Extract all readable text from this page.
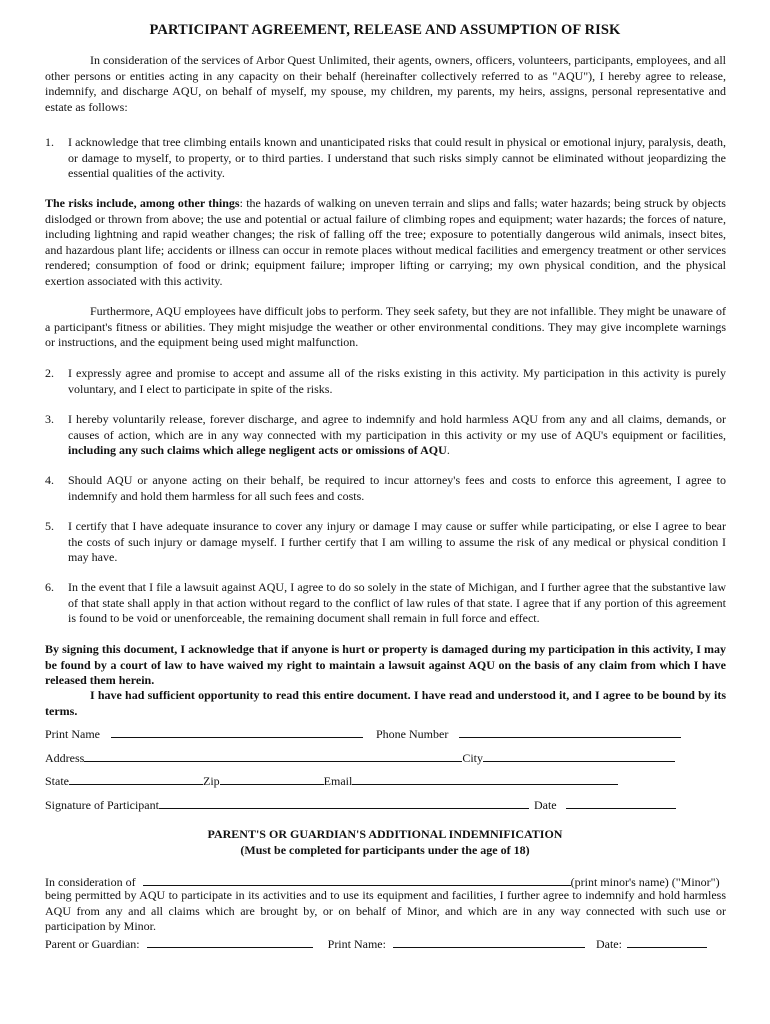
PARTICIPANT AGREEMENT, RELEASE AND ASSUMPTION OF RISK
In consideration of the services of Arbor Quest Unlimited, their agents, owners, officers, volunteers, participants, employees, and all other persons or entities acting in any capacity on their behalf (hereinafter collectively referred to as "AQU"), I hereby agree to release, indemnify, and discharge AQU, on behalf of myself, my spouse, my children, my parents, my heirs, assigns, personal representative and estate as follows:
1. I acknowledge that tree climbing entails known and unanticipated risks that could result in physical or emotional injury, paralysis, death, or damage to myself, to property, or to third parties. I understand that such risks simply cannot be eliminated without jeopardizing the essential qualities of the activity.
The risks include, among other things: the hazards of walking on uneven terrain and slips and falls; water hazards; being struck by objects dislodged or thrown from above; the use and potential or actual failure of climbing ropes and equipment; water hazards; the forces of nature, including lightning and rapid weather changes; the risk of falling off the tree; exposure to potentially dangerous wild animals, insect bites, and hazardous plant life; accidents or illness can occur in remote places without medical facilities and emergency treatment or other services rendered; consumption of food or drink; equipment failure; improper lifting or carrying; my own physical condition, and the physical exertion associated with this activity.
Furthermore, AQU employees have difficult jobs to perform. They seek safety, but they are not infallible. They might be unaware of a participant's fitness or abilities. They might misjudge the weather or other environmental conditions. They may give incomplete warnings or instructions, and the equipment being used might malfunction.
2. I expressly agree and promise to accept and assume all of the risks existing in this activity. My participation in this activity is purely voluntary, and I elect to participate in spite of the risks.
3. I hereby voluntarily release, forever discharge, and agree to indemnify and hold harmless AQU from any and all claims, demands, or causes of action, which are in any way connected with my participation in this activity or my use of AQU's equipment or facilities, including any such claims which allege negligent acts or omissions of AQU.
4. Should AQU or anyone acting on their behalf, be required to incur attorney's fees and costs to enforce this agreement, I agree to indemnify and hold them harmless for all such fees and costs.
5. I certify that I have adequate insurance to cover any injury or damage I may cause or suffer while participating, or else I agree to bear the costs of such injury or damage myself. I further certify that I am willing to assume the risk of any medical or physical condition I may have.
6. In the event that I file a lawsuit against AQU, I agree to do so solely in the state of Michigan, and I further agree that the substantive law of that state shall apply in that action without regard to the conflict of law rules of that state. I agree that if any portion of this agreement is found to be void or unenforceable, the remaining document shall remain in full force and effect.
By signing this document, I acknowledge that if anyone is hurt or property is damaged during my participation in this activity, I may be found by a court of law to have waived my right to maintain a lawsuit against AQU on the basis of any claim from which I have released them herein.
I have had sufficient opportunity to read this entire document. I have read and understood it, and I agree to be bound by its terms.
Print Name	Phone Number
Address	City
State	Zip	Email
Signature of Participant	Date
PARENT'S OR GUARDIAN'S ADDITIONAL INDEMNIFICATION
(Must be completed for participants under the age of 18)
In consideration of	(print minor's name) ("Minor")
being permitted by AQU to participate in its activities and to use its equipment and facilities, I further agree to indemnify and hold harmless AQU from any and all claims which are brought by, or on behalf of Minor, and which are in any way connected with such use or participation by Minor.
Parent or Guardian:	Print Name:	Date:
